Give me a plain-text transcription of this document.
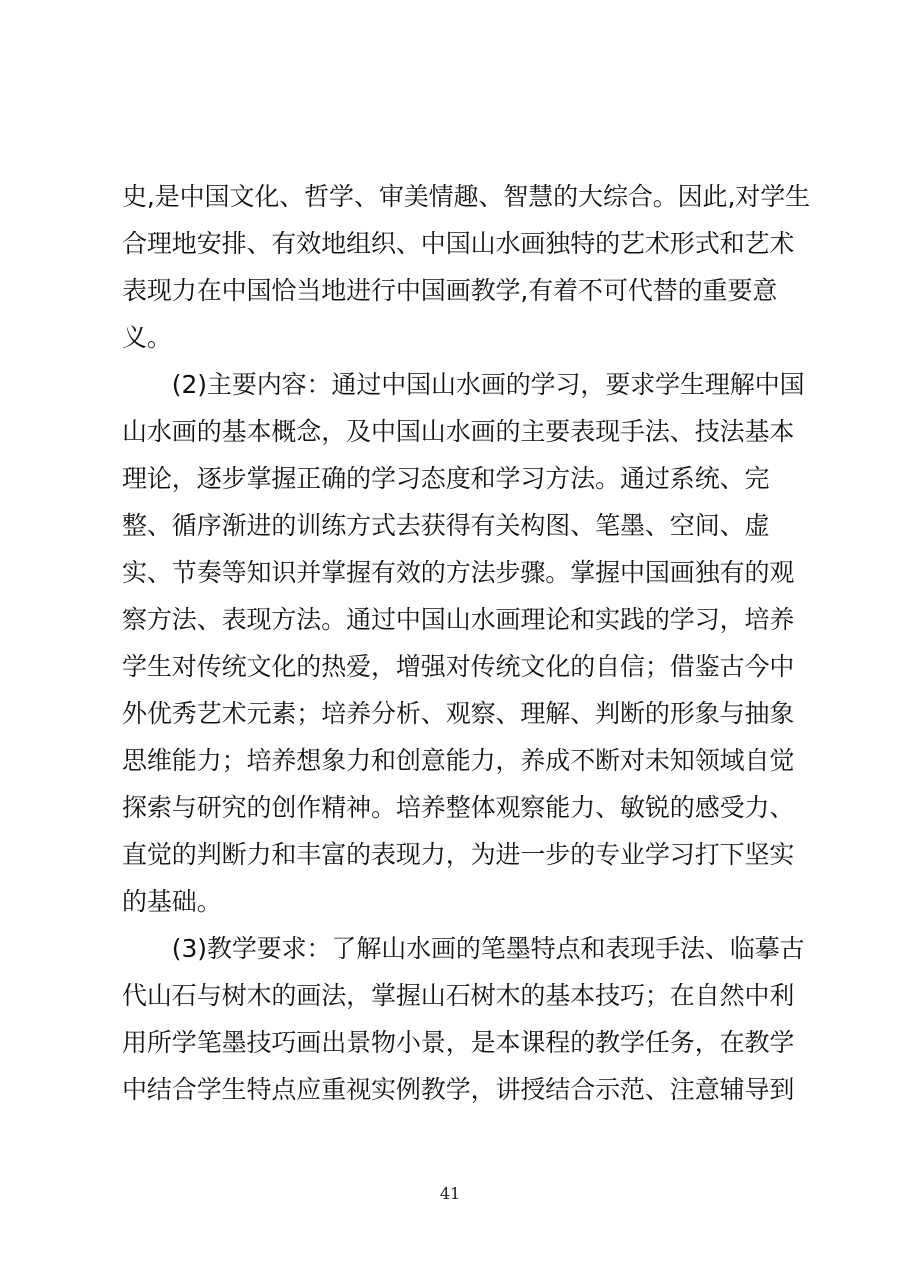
史,是中国文化、哲学、审美情趣、智慧的大综合。因此,对学生
合理地安排、有效地组织、中国山水画独特的艺术形式和艺术
表现力在中国恰当地进行中国画教学,有着不可代替的重要意
义。
　　(2)主要内容：通过中国山水画的学习，要求学生理解中国
山水画的基本概念，及中国山水画的主要表现手法、技法基本
理论，逐步掌握正确的学习态度和学习方法。通过系统、完
整、循序渐进的训练方式去获得有关构图、笔墨、空间、虚
实、节奏等知识并掌握有效的方法步骤。掌握中国画独有的观
察方法、表现方法。通过中国山水画理论和实践的学习，培养
学生对传统文化的热爱，增强对传统文化的自信；借鉴古今中
外优秀艺术元素；培养分析、观察、理解、判断的形象与抽象
思维能力；培养想象力和创意能力，养成不断对未知领域自觉
探索与研究的创作精神。培养整体观察能力、敏锐的感受力、
直觉的判断力和丰富的表现力，为进一步的专业学习打下坚实
的基础。
　　(3)教学要求：了解山水画的笔墨特点和表现手法、临摹古
代山石与树木的画法，掌握山石树木的基本技巧；在自然中利
用所学笔墨技巧画出景物小景，是本课程的教学任务，在教学
中结合学生特点应重视实例教学，讲授结合示范、注意辅导到
41
